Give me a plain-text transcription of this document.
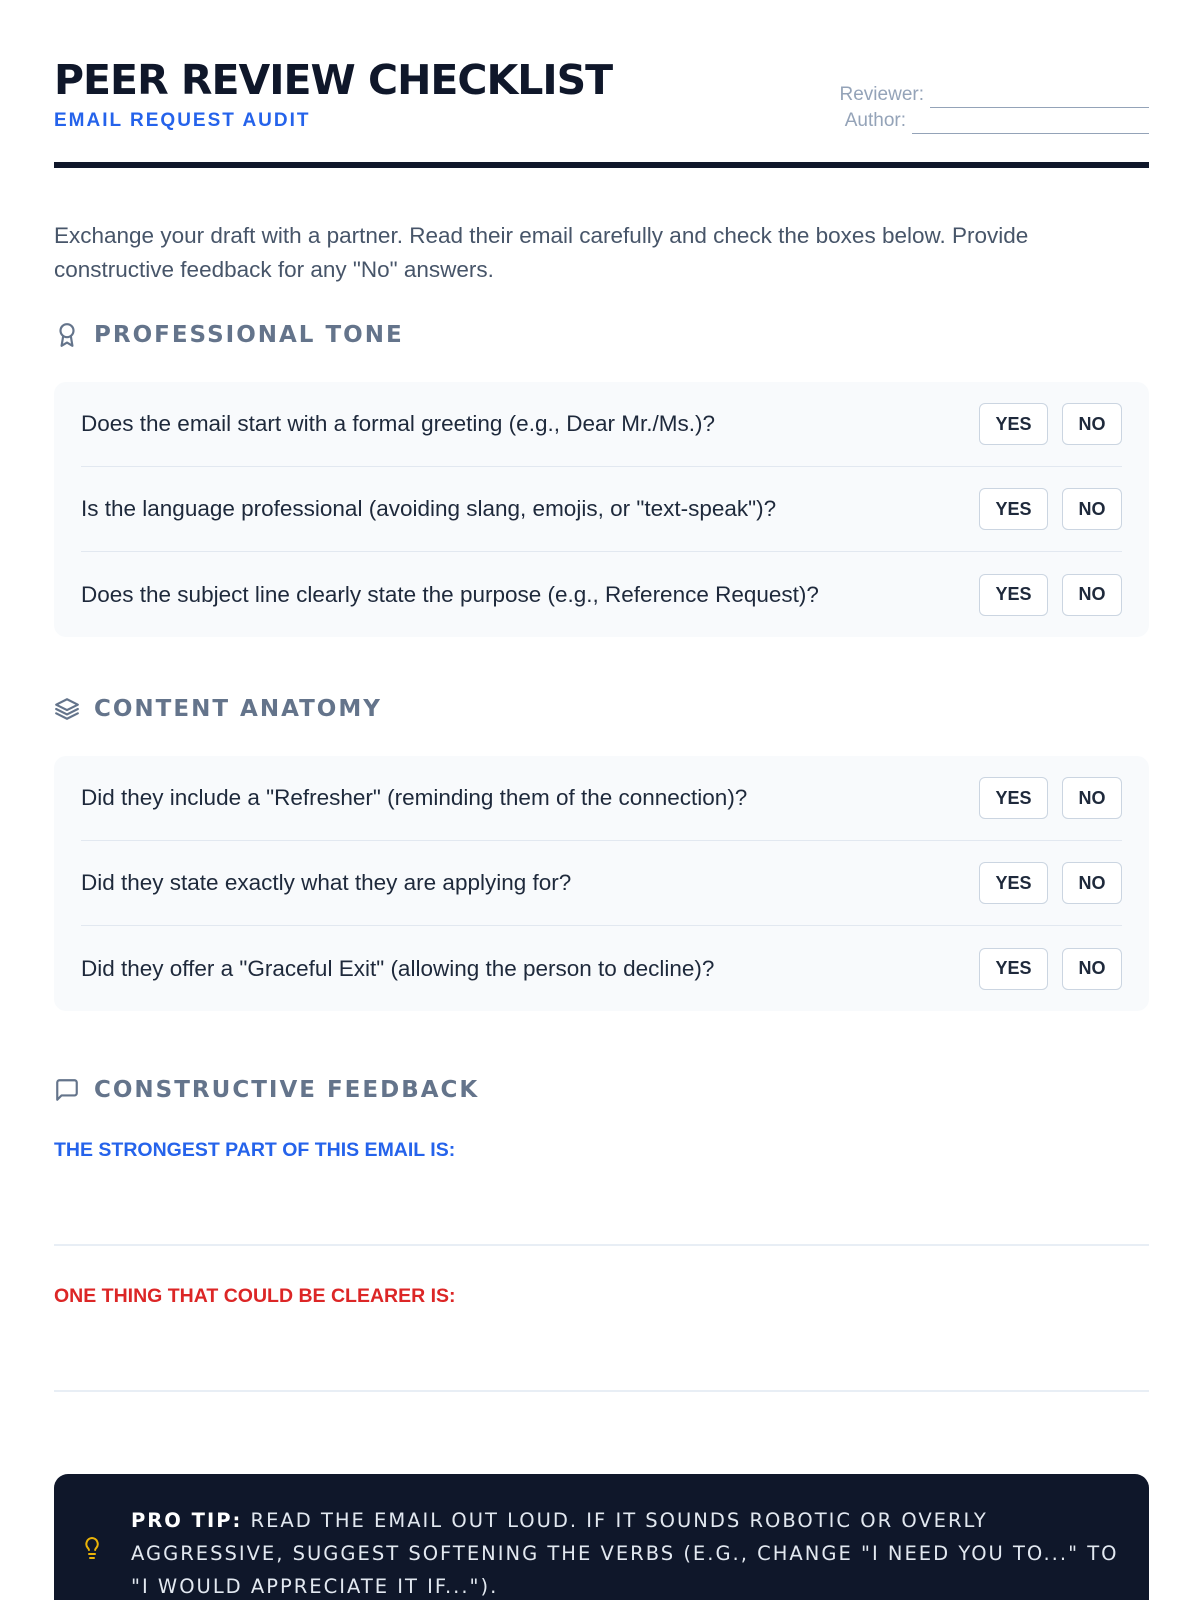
PEER REVIEW CHECKLIST
EMAIL REQUEST AUDIT
Reviewer:
Author:
Exchange your draft with a partner. Read their email carefully and check the boxes below. Provide constructive feedback for any "No" answers.
PROFESSIONAL TONE
Does the email start with a formal greeting (e.g., Dear Mr./Ms.)?	YES	NO
Is the language professional (avoiding slang, emojis, or "text-speak")?	YES	NO
Does the subject line clearly state the purpose (e.g., Reference Request)?	YES	NO
CONTENT ANATOMY
Did they include a "Refresher" (reminding them of the connection)?	YES	NO
Did they state exactly what they are applying for?	YES	NO
Did they offer a "Graceful Exit" (allowing the person to decline)?	YES	NO
CONSTRUCTIVE FEEDBACK
THE STRONGEST PART OF THIS EMAIL IS:
ONE THING THAT COULD BE CLEARER IS:
PRO TIP: READ THE EMAIL OUT LOUD. IF IT SOUNDS ROBOTIC OR OVERLY AGGRESSIVE, SUGGEST SOFTENING THE VERBS (E.G., CHANGE "I NEED YOU TO..." TO "I WOULD APPRECIATE IT IF...").
